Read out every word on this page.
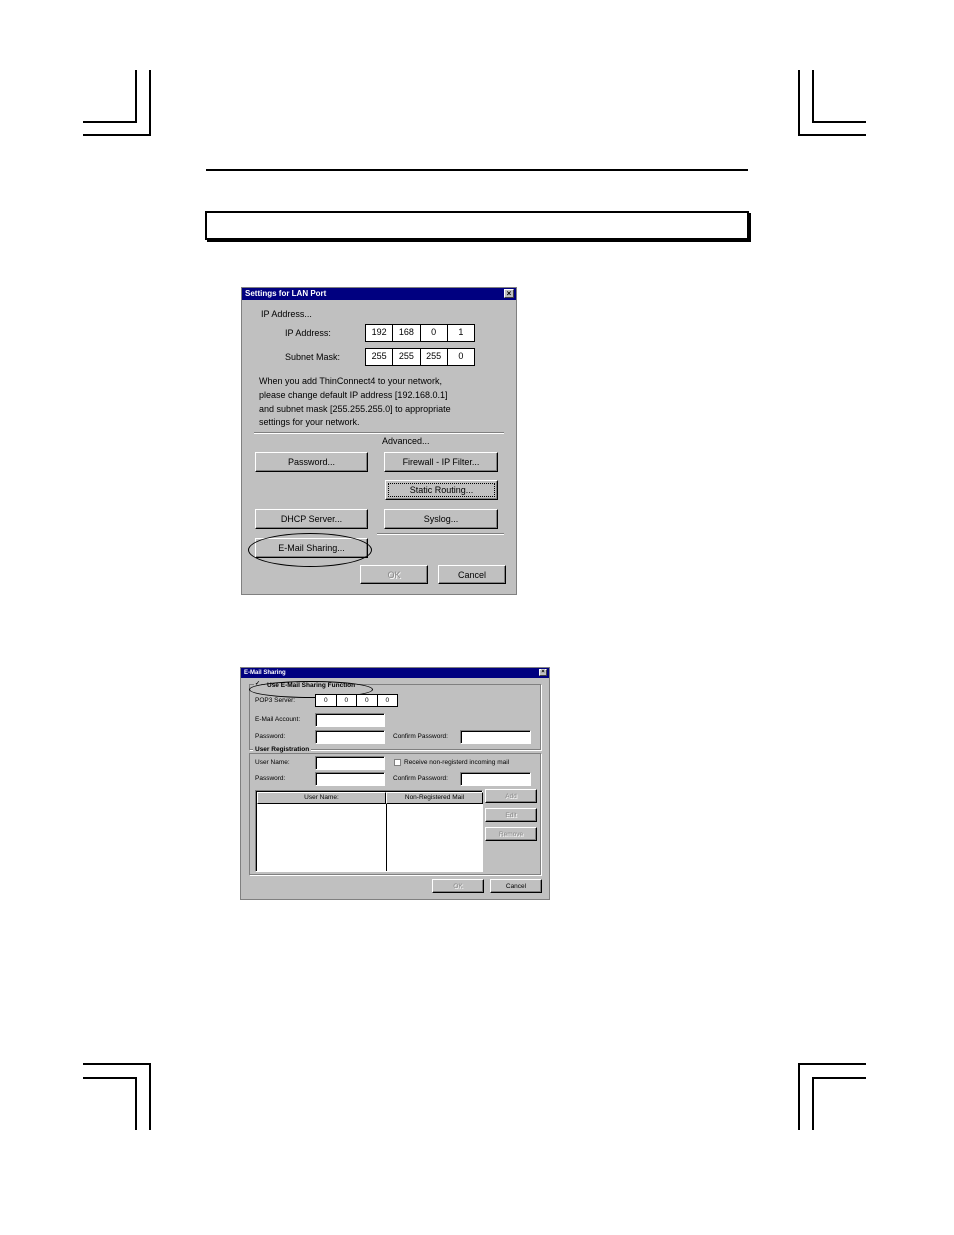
Settings for LAN Port	×
IP Address...
IP Address:	192	168	0	1
Subnet Mask:	255	255	255	0
When you add ThinConnect4 to your network,
please change default IP address [192.168.0.1]
and subnet mask [255.255.255.0] to appropriate
settings for your network.
Advanced...
Password...	Firewall - IP Filter...
Static Routing...
DHCP Server...	Syslog...
E-Mail Sharing...
OK	Cancel
E-Mail Sharing	×
✓	Use E-Mail Sharing Function
POP3 Server:	0	0	0	0
E-Mail Account:
Password:	Confirm Password:
User Registration
User Name:	Receive non-registerd incoming mail
Password:	Confirm Password:
User Name:	Non-Registered Mail	Add
Edit
Remove
OK	Cancel
